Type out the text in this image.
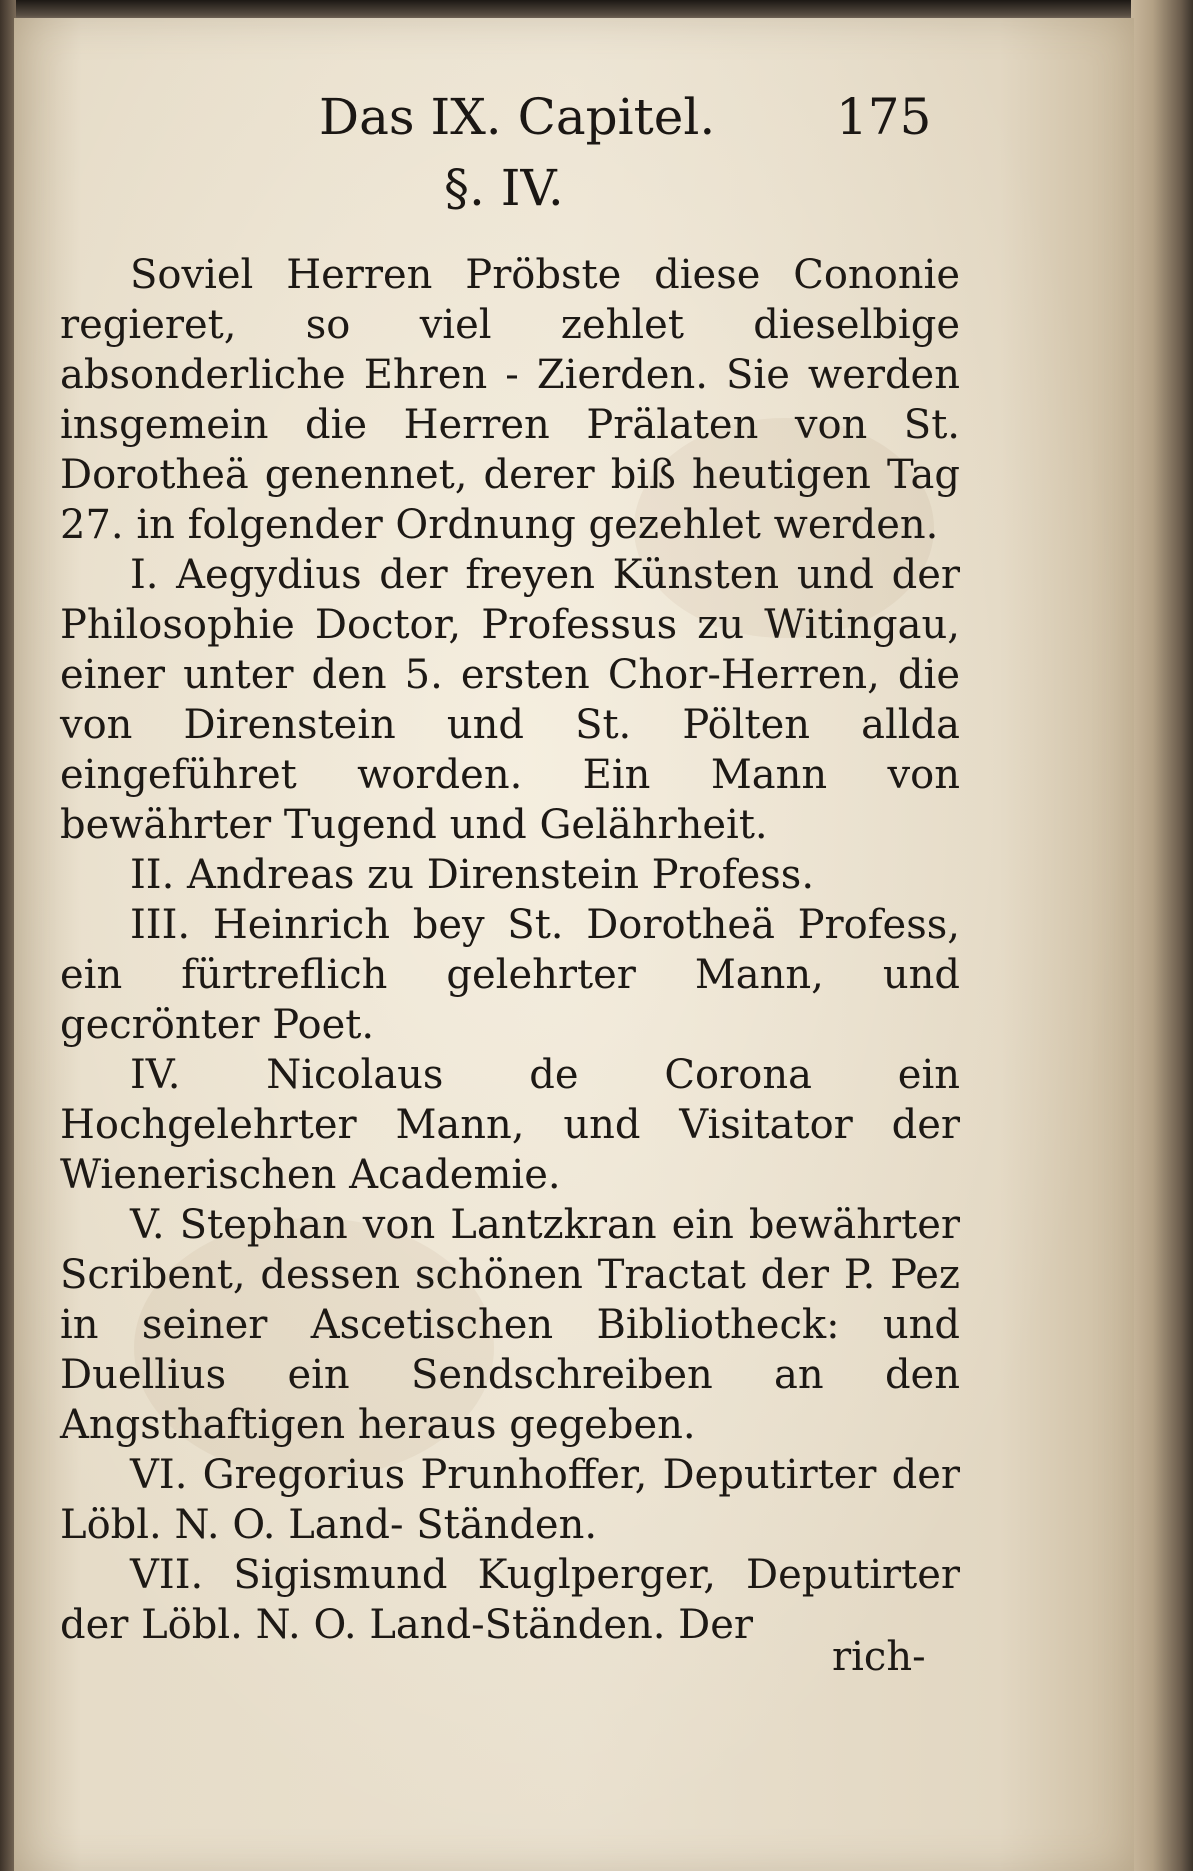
Das IX. Capitel. 175
§. IV.

Soviel Herren Pröbste diese Cononie regieret, so viel zehlet dieselbige absonderliche Ehren - Zierden. Sie werden insgemein die Herren Prälaten von St. Dorotheä genennet, derer biß heutigen Tag 27. in folgender Ordnung gezehlet werden.

I. Aegydius der freyen Künsten und der Philosophie Doctor, Professus zu Witingau, einer unter den 5. ersten Chor-Herren, die von Direnstein und St. Pölten allda eingeführet worden. Ein Mann von bewährter Tugend und Gelährheit.

II. Andreas zu Direnstein Profess.

III. Heinrich bey St. Dorotheä Profess, ein fürtreflich gelehrter Mann, und gecrönter Poet.

IV. Nicolaus de Corona ein Hochgelehrter Mann, und Visitator der Wienerischen Academie.

V. Stephan von Lantzkran ein bewährter Scribent, dessen schönen Tractat der P. Pez in seiner Ascetischen Bibliotheck: und Duellius ein Sendschreiben an den Angsthaftigen heraus gegeben.

VI. Gregorius Prunhoffer, Deputirter der Löbl. N. O. Land- Ständen.

VII. Sigismund Kuglperger, Deputirter der Löbl. N. O. Land-Ständen. Der

rich-
